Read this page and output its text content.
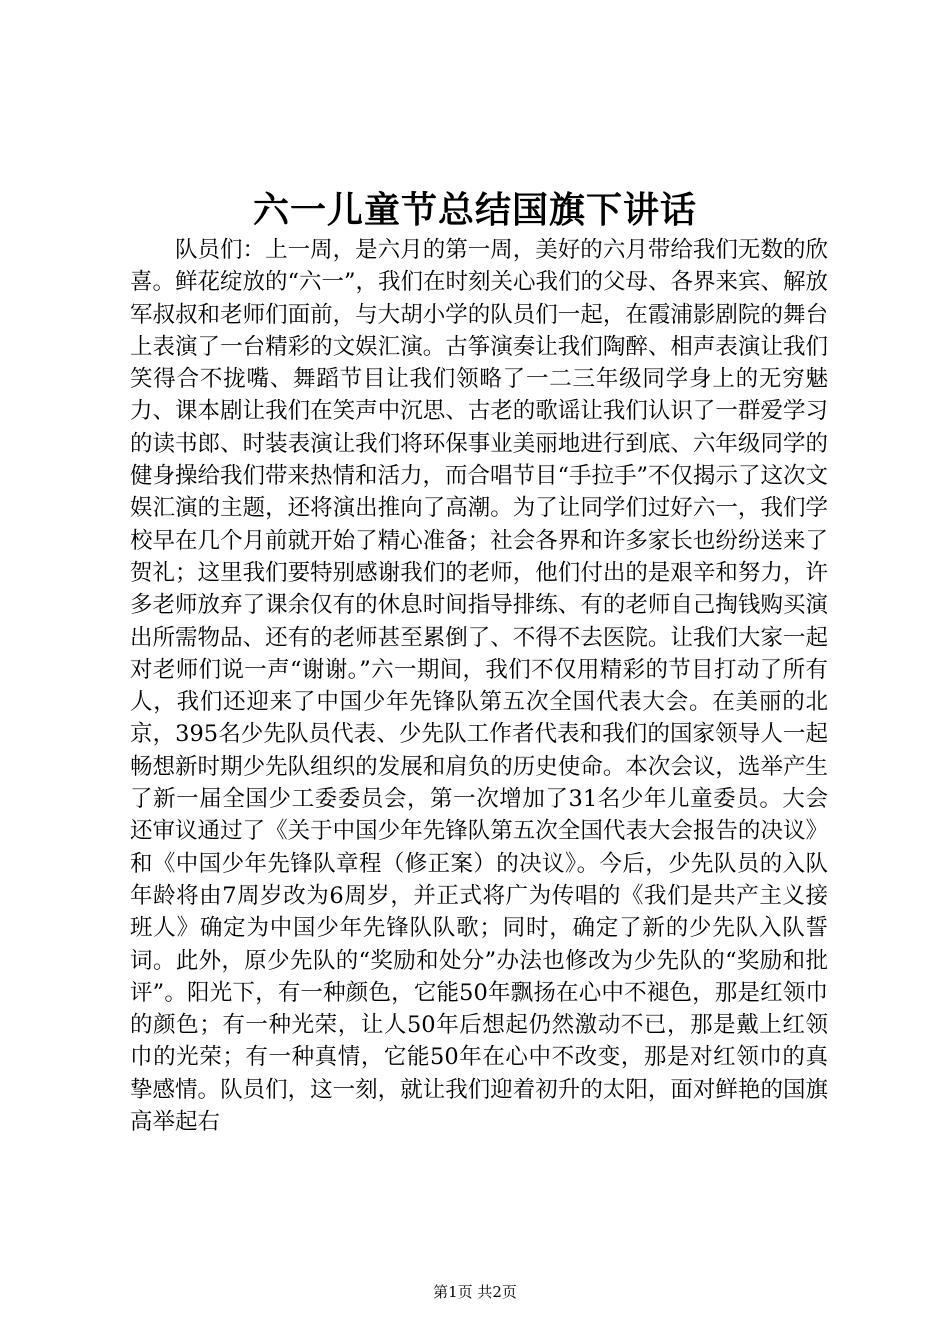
六一儿童节总结国旗下讲话

队员们：上一周，是六月的第一周，美好的六月带给我们无数的欣喜。鲜花绽放的“六一”，我们在时刻关心我们的父母、各界来宾、解放军叔叔和老师们面前，与大胡小学的队员们一起，在霞浦影剧院的舞台上表演了一台精彩的文娱汇演。古筝演奏让我们陶醉、相声表演让我们笑得合不拢嘴、舞蹈节目让我们领略了一二三年级同学身上的无穷魅力、课本剧让我们在笑声中沉思、古老的歌谣让我们认识了一群爱学习的读书郎、时装表演让我们将环保事业美丽地进行到底、六年级同学的健身操给我们带来热情和活力，而合唱节目“手拉手”不仅揭示了这次文娱汇演的主题，还将演出推向了高潮。为了让同学们过好六一，我们学校早在几个月前就开始了精心准备；社会各界和许多家长也纷纷送来了贺礼；这里我们要特别感谢我们的老师，他们付出的是艰辛和努力，许多老师放弃了课余仅有的休息时间指导排练、有的老师自己掏钱购买演出所需物品、还有的老师甚至累倒了、不得不去医院。让我们大家一起对老师们说一声“谢谢。”六一期间，我们不仅用精彩的节目打动了所有人，我们还迎来了中国少年先锋队第五次全国代表大会。在美丽的北京，395名少先队员代表、少先队工作者代表和我们的国家领导人一起畅想新时期少先队组织的发展和肩负的历史使命。本次会议，选举产生了新一届全国少工委委员会，第一次增加了31名少年儿童委员。大会还审议通过了《关于中国少年先锋队第五次全国代表大会报告的决议》和《中国少年先锋队章程（修正案）的决议》。今后，少先队员的入队年龄将由7周岁改为6周岁，并正式将广为传唱的《我们是共产主义接班人》确定为中国少年先锋队队歌；同时，确定了新的少先队入队誓词。此外，原少先队的“奖励和处分”办法也修改为少先队的“奖励和批评”。阳光下，有一种颜色，它能50年飘扬在心中不褪色，那是红领巾的颜色；有一种光荣，让人50年后想起仍然激动不已，那是戴上红领巾的光荣；有一种真情，它能50年在心中不改变，那是对红领巾的真挚感情。队员们，这一刻，就让我们迎着初升的太阳，面对鲜艳的国旗高举起右

第1页 共2页
